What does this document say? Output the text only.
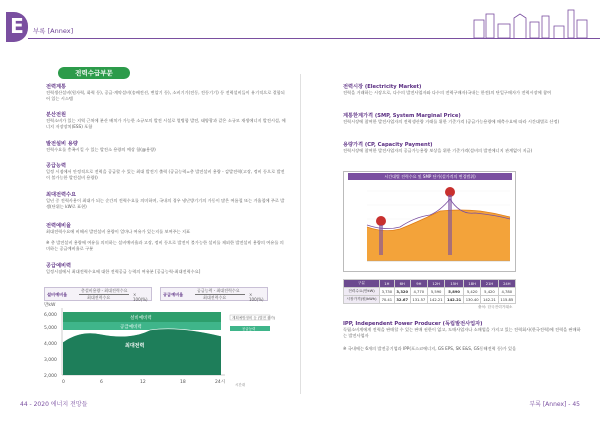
E	부록 [Annex]
전력수급부문
전력계통
전력생산설비(원자력, 화력 등), 공급·계약설비(송배전선, 변압기 등), 소비기기(전동, 전등기기) 등 전력설비들이 유기적으로 결합되어 있는 시스템
분산전원
전력소비가 있는 지역 근처에 분산 배치가 가능한 소규모의 발전 시설로 열병합 발전, 태양광과 같은 소규모 재생에너지 발전시설, 에너지 저장장치(ESS) 포함
발전설비 용량
전력수요를 충족시킬 수 있는 발전소 용량의 예상 합(@용량)
공급능력
일정 시점에서 안정적으로 전력을 공급할 수 있는 최대 발전기 출력 (공급능력=총 발전설비 용량 - 감발전력(고장, 정비 등으로 발전이 불가능한 발전설비 용량))
최대전력수요
일년 중 전력사용이 최대가 되는 순간의 전력수요를 의미하며, 국내의 경우 냉난방기기의 가동이 많은 여름철 또는 겨울철에 주로 발생(단위는 kW로 표현)
전력예비율
최대전력수요에 비해서 발전설비 용량이 얼마나 여유가 있는지를 보여주는 지표
※ 총 발전설비 용량에 여유를 의미하는 설비예비율과 고장, 정비 등으로 발전이 불가능한 설비를 제외한 발전설비 용량의 여유를 의미하는 공급예비율로 구분
설비예비율
총설비용량 - 최대전력수요
최대전력수요
× 100(%)
공급예비율
공급능력 - 최대전력수요
최대전력수요
× 100(%)
공급예비력
일정시점에서 최대전력수요에 대한 전력공급 능력의 여유분 [공급능력-최대전력수요]
만kW
6,000
5,000
4,000
3,000
2,000
설비예비력
공급예비력
최대전력
0	6	12	18	24시
계획예방정비 등 (발전 불가)
공급능력
시간대
전력시장 (Electricity Market)
전력을 거래하는 시장으로, 다수의 발전사업자와 다수의 전력구매자(국내는 한전)의 단일구매자가 전력시장에 참여
계통한계가격 (SMP, System Marginal Price)
전력시장에 참여한 발전사업자의 전력생산량 거래를 위한 기준가격 (공급가능용량에 매축수요에 따라 시간대별로 산정)
용량가격 (CP, Capacity Payment)
전력시장에 참여한 발전사업자의 공급가능용량 보상을 위한 기준가격(설비의 발전에너지 관계없이 지급)
시간대별 전력수요 및 SMP 단가(설가격의 변경범위)
구분	1H	6H	9H	12H	15H	18H	21H	24H
전력수요(만kW)	3,730	3,320	4,770	5,590	5,890	5,420	5,420	4,780
시장가격(원/kWh)	70.41	32.67	131.57	142.21	142.21	130.40	142.21	115.85
출처: 한국전력거래소
IPP, Independent Power Producer (독립발전사업자)
독립소비계에게 전력을 판매할 수 있는 판매 권한이 없고, 도매사업자나 소매업을 가지고 있는 전력회사(한국전력)에 전력을 판매하는 발전사업자
※ 국내에는 6개의 발전공기업과 IPP(포스코에너지, GS EPS, SK E&S, GS동해전력 등)가 있음
44 - 2020 에너지 전망들	부록 [Annex] - 45
